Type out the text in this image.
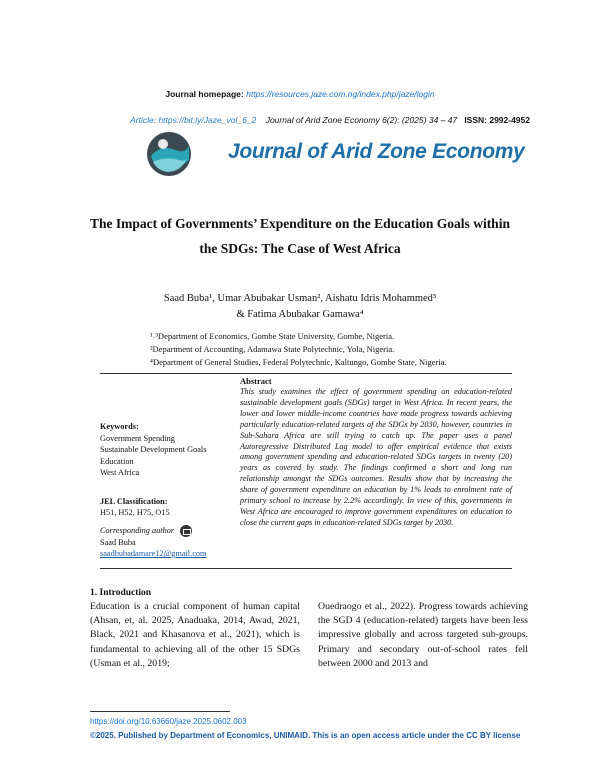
Journal homepage: https://resources.jaze.com.ng/index.php/jaze/login
Article: https://bit.ly/Jaze_vol_6_2 Journal of Arid Zone Economy 6(2): (2025) 34 – 47 ISSN: 2992-4952
Journal of Arid Zone Economy
The Impact of Governments’ Expenditure on the Education Goals within
the SDGs: The Case of West Africa
Saad Buba¹, Umar Abubakar Usman², Aishatu Idris Mohammed³
& Fatima Abubakar Gamawa⁴
¹˒³Department of Economics, Gombe State University, Gombe, Nigeria.
²Department of Accounting, Adamawa State Polytechnic, Yola, Nigeria.
⁴Department of General Studies, Federal Polytechnic, Kaltungo, Gombe State, Nigeria.
Keywords:
Government Spending
Sustainable Development Goals
Education
West Africa
JEL Classification:
H51, H52, H75, O15
Corresponding author
Saad Buba
saadbubadamare12@gmail.com
Abstract
This study examines the effect of government spending on education-related sustainable development goals (SDGs) target in West Africa. In recent years, the lower and lower middle-income countries have made progress towards achieving particularly education-related targets of the SDGs by 2030, however, countries in Sub-Sahara Africa are still trying to catch up. The paper uses a panel Autoregressive Distributed Lag model to offer empirical evidence that exists among government spending and education-related SDGs targets in twenty (20) years as covered by study. The findings confirmed a short and long run relationship amongst the SDGs outcomes. Results show that by increasing the share of government expenditure on education by 1% leads to enrolment rate of primary school to increase by 2.2% accordingly. In view of this, governments in West Africa are encouraged to improve government expenditures on education to close the current gaps in education-related SDGs target by 2030.
1. Introduction
Education is a crucial component of human capital (Ahsan, et, al. 2025, Anaduaka, 2014, Awad, 2021, Black, 2021 and Khasanova et al., 2021), which is fundamental to achieving all of the other 15 SDGs (Usman et al., 2019;
Ouedraogo et al., 2022). Progress towards achieving the SGD 4 (education-related) targets have been less impressive globally and across targeted sub-groups. Primary and secondary out-of-school rates fell between 2000 and 2013 and
https://doi.org/10.63660/jaze.2025.0602.003
©2025. Published by Department of Economics, UNIMAID. This is an open access article under the CC BY license
